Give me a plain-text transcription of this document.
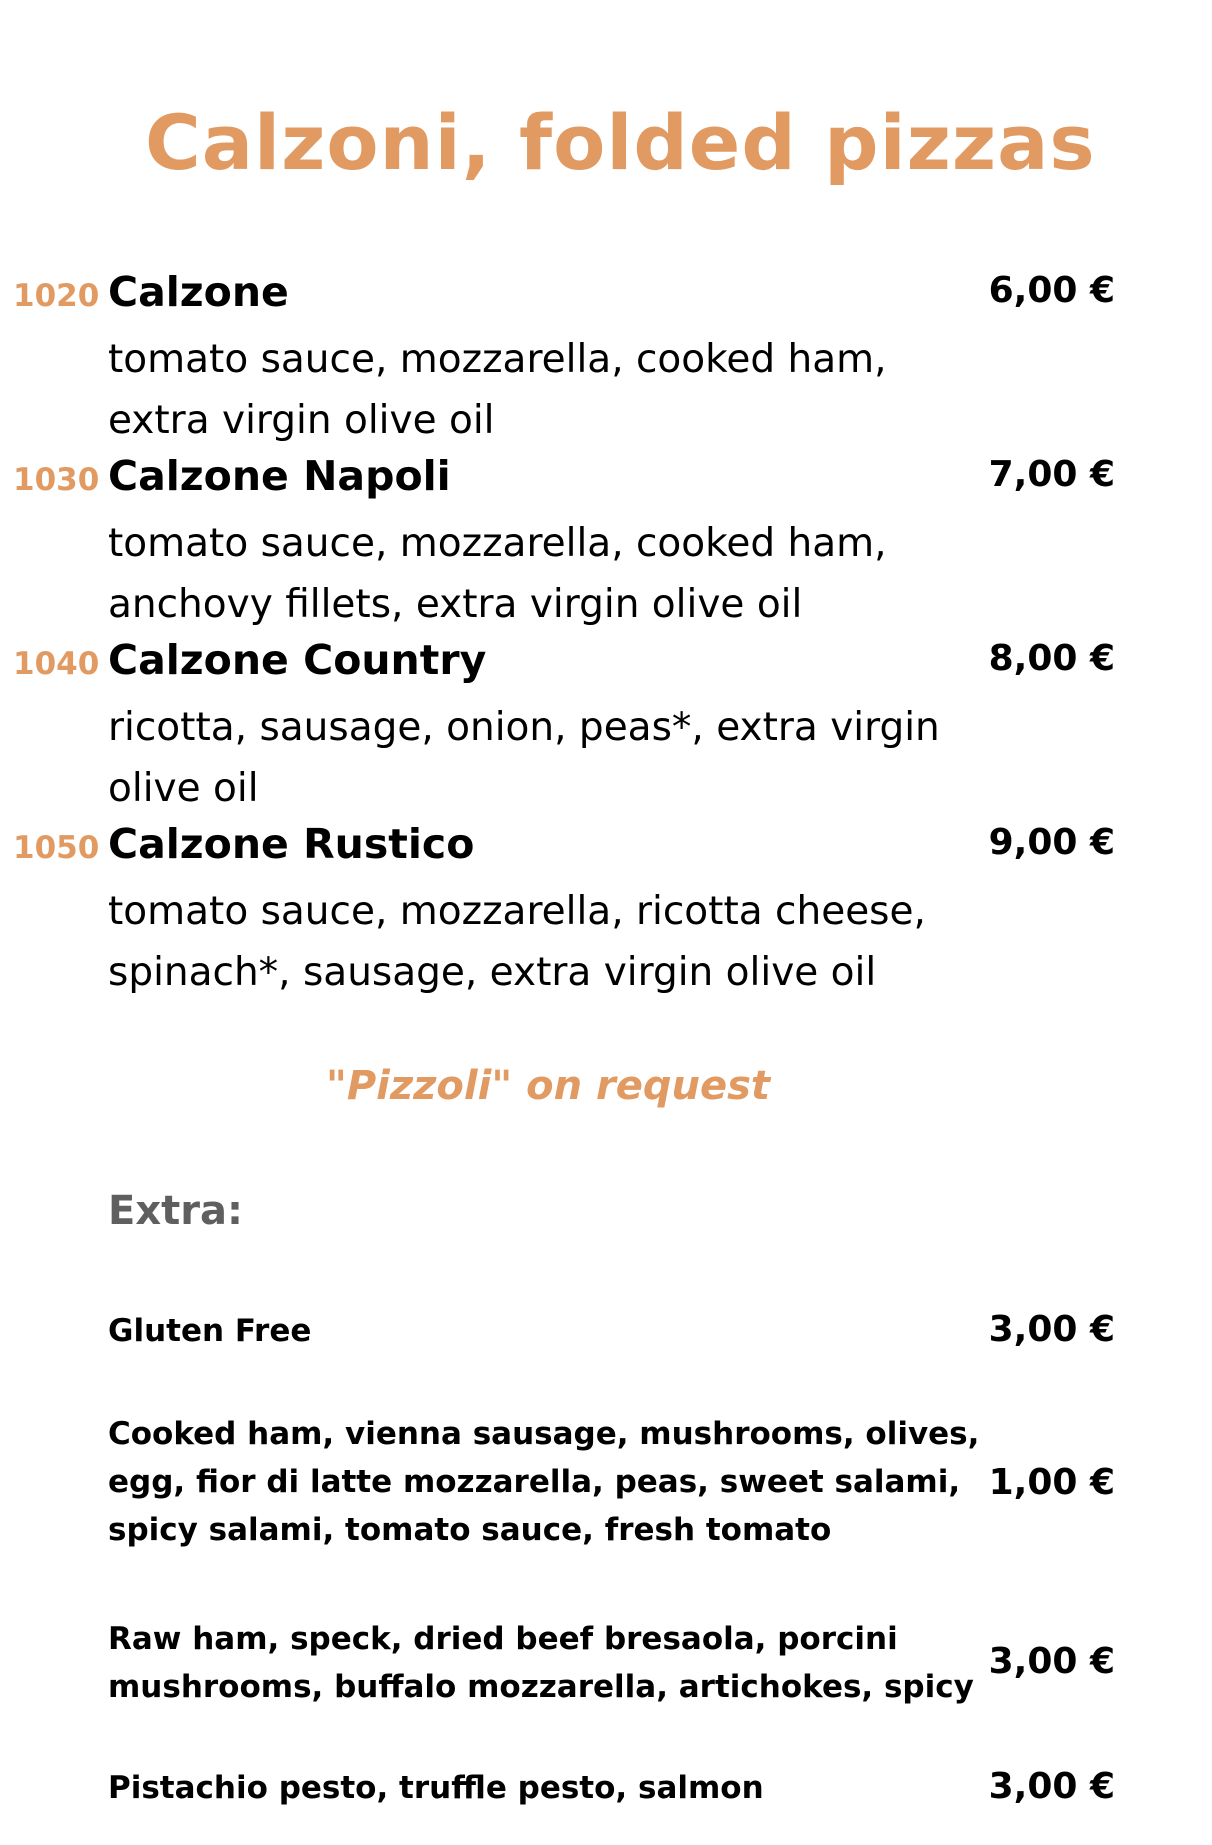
Calzoni, folded pizzas
1020 Calzone
tomato sauce, mozzarella, cooked ham,
extra virgin olive oil
6,00 €
1030 Calzone Napoli
tomato sauce, mozzarella, cooked ham,
anchovy fillets, extra virgin olive oil
7,00 €
1040 Calzone Country
ricotta, sausage, onion, peas*, extra virgin
olive oil
8,00 €
1050 Calzone Rustico
tomato sauce, mozzarella, ricotta cheese,
spinach*, sausage, extra virgin olive oil
9,00 €
"Pizzoli" on request
Extra:
Gluten Free	3,00 €
Cooked ham, vienna sausage, mushrooms, olives,
egg, fior di latte mozzarella, peas, sweet salami,
spicy salami, tomato sauce, fresh tomato
1,00 €
Raw ham, speck, dried beef bresaola, porcini
mushrooms, buffalo mozzarella, artichokes, spicy
3,00 €
Pistachio pesto, truffle pesto, salmon	3,00 €
